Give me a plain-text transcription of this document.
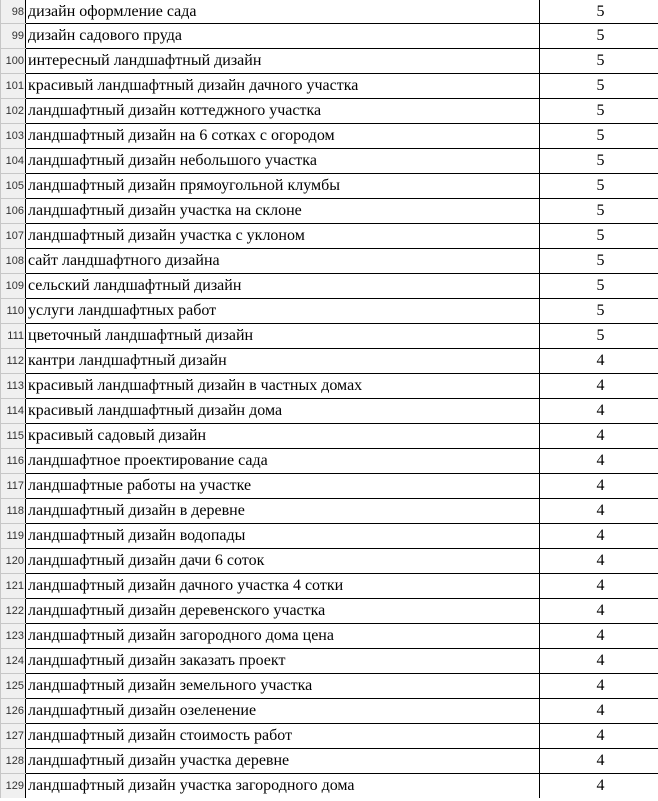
98	дизайн оформление сада	5
99	дизайн садового пруда	5
100	интересный ландшафтный дизайн	5
101	красивый ландшафтный дизайн дачного участка	5
102	ландшафтный дизайн коттеджного участка	5
103	ландшафтный дизайн на 6 сотках с огородом	5
104	ландшафтный дизайн небольшого участка	5
105	ландшафтный дизайн прямоугольной клумбы	5
106	ландшафтный дизайн участка на склоне	5
107	ландшафтный дизайн участка с уклоном	5
108	сайт ландшафтного дизайна	5
109	сельский ландшафтный дизайн	5
110	услуги ландшафтных работ	5
111	цветочный ландшафтный дизайн	5
112	кантри ландшафтный дизайн	4
113	красивый ландшафтный дизайн в частных домах	4
114	красивый ландшафтный дизайн дома	4
115	красивый садовый дизайн	4
116	ландшафтное проектирование сада	4
117	ландшафтные работы на участке	4
118	ландшафтный дизайн в деревне	4
119	ландшафтный дизайн водопады	4
120	ландшафтный дизайн дачи 6 соток	4
121	ландшафтный дизайн дачного участка 4 сотки	4
122	ландшафтный дизайн деревенского участка	4
123	ландшафтный дизайн загородного дома цена	4
124	ландшафтный дизайн заказать проект	4
125	ландшафтный дизайн земельного участка	4
126	ландшафтный дизайн озеленение	4
127	ландшафтный дизайн стоимость работ	4
128	ландшафтный дизайн участка деревне	4
129	ландшафтный дизайн участка загородного дома	4
